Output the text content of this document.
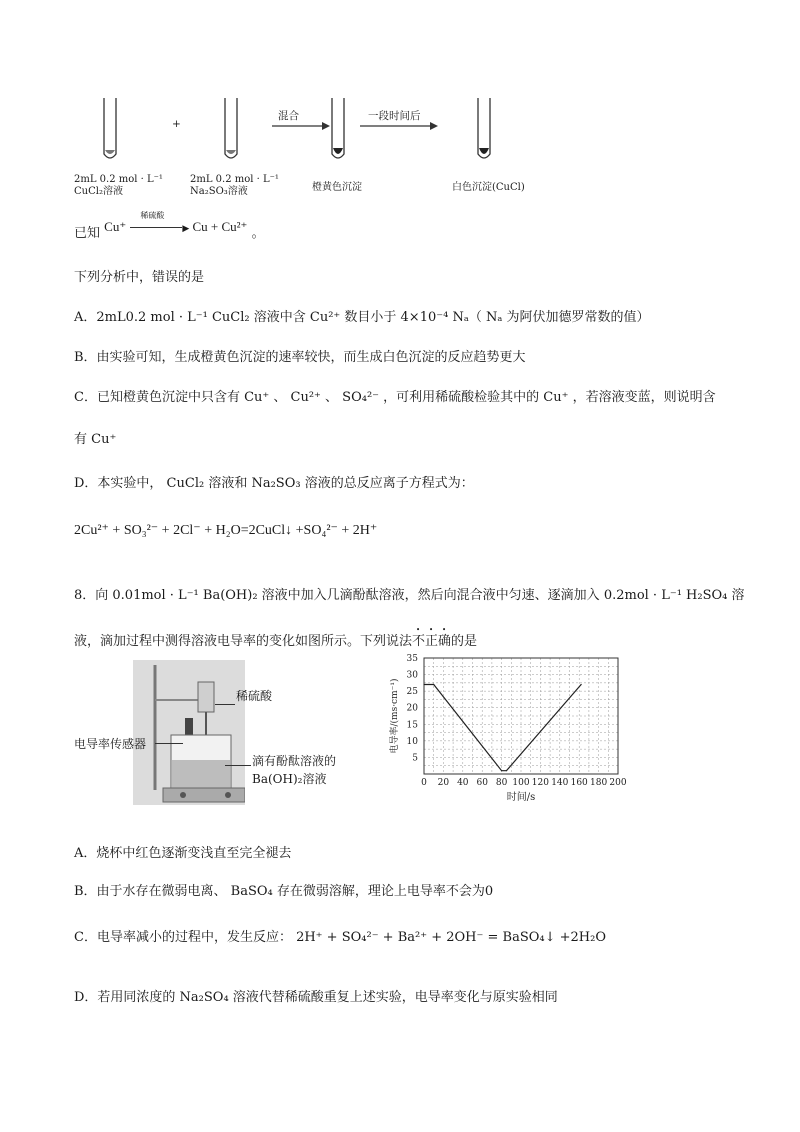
+
混合	一段时间后
2mL 0.2 mol · L⁻¹
CuCl₂溶液
2mL 0.2 mol · L⁻¹
Na₂SO₃溶液	橙黄色沉淀	白色沉淀(CuCl)
已知 Cu⁺
稀硫酸
▶ Cu + Cu²⁺ 。
下列分析中，错误的是
A．2mL0.2 mol · L⁻¹ CuCl₂ 溶液中含 Cu²⁺ 数目小于 4×10⁻⁴ Nₐ（ Nₐ 为阿伏加德罗常数的值）
B．由实验可知，生成橙黄色沉淀的速率较快，而生成白色沉淀的反应趋势更大
C．已知橙黄色沉淀中只含有 Cu⁺ 、 Cu²⁺ 、 SO₄²⁻ ，可利用稀硫酸检验其中的 Cu⁺ ，若溶液变蓝，则说明含
有 Cu⁺
D．本实验中， CuCl₂ 溶液和 Na₂SO₃ 溶液的总反应离子方程式为：
2Cu²⁺ + SO₃²⁻ + 2Cl⁻ + H₂O=2CuCl↓ +SO₄²⁻ + 2H⁺
8．向 0.01mol · L⁻¹ Ba(OH)₂ 溶液中加入几滴酚酞溶液，然后向混合液中匀速、逐滴加入 0.2mol · L⁻¹ H₂SO₄ 溶
液，滴加过程中测得溶液电导率的变化如图所示。下列说法不正确的是
稀硫酸
电导率传感器
滴有酚酞溶液的
Ba(OH)₂溶液	0 20 40 60 80 100 120 140 160 180 200
5
10
15
20
25
30
35
时间/s
电导率/(ms·cm⁻¹)
A．烧杯中红色逐渐变浅直至完全褪去
B．由于水存在微弱电离、 BaSO₄ 存在微弱溶解，理论上电导率不会为0
C．电导率减小的过程中，发生反应： 2H⁺ + SO₄²⁻ + Ba²⁺ + 2OH⁻ = BaSO₄↓ +2H₂O
D．若用同浓度的 Na₂SO₄ 溶液代替稀硫酸重复上述实验，电导率变化与原实验相同
